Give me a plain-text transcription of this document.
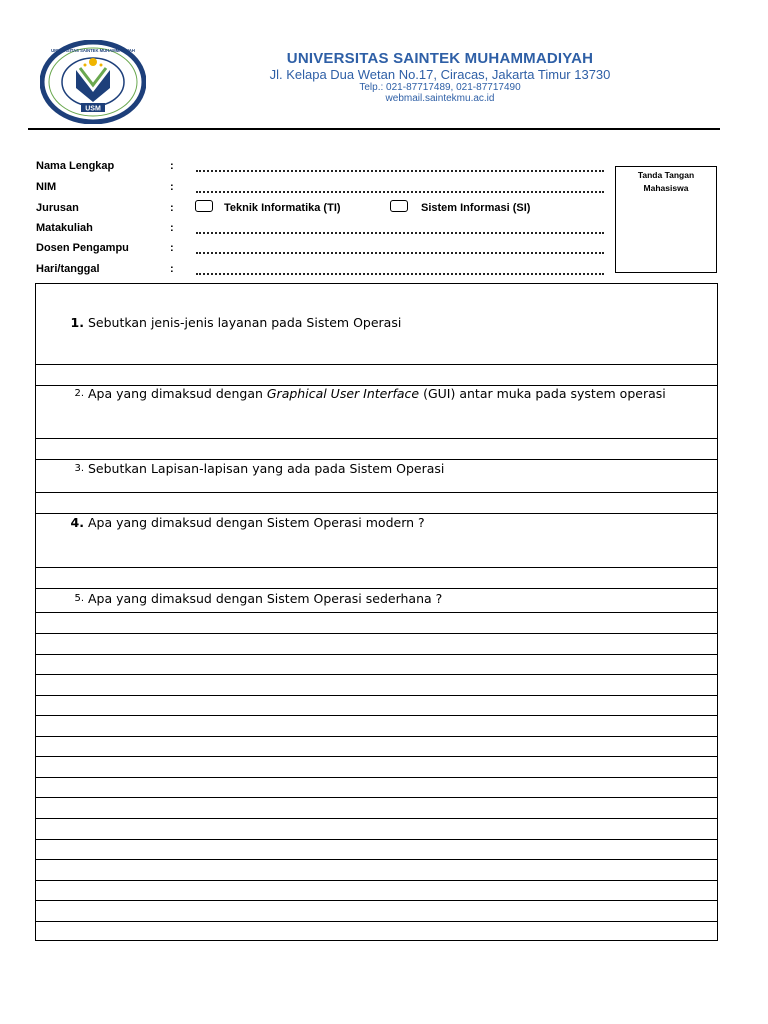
USM
UNIVERSITAS SAINTEK MUHAMMADIYAH	UNIVERSITAS SAINTEK MUHAMMADIYAH
Jl. Kelapa Dua Wetan No.17, Ciracas, Jakarta Timur 13730
Telp.: 021-87717489, 021-87717490
webmail.saintekmu.ac.id
Nama Lengkap	:
NIM	:
Jurusan	:	Teknik Informatika (TI)	Sistem Informasi (SI)
Matakuliah	:
Dosen Pengampu	:
Hari/tanggal	:
Tanda Tangan
Mahasiswa
1. Sebutkan jenis-jenis layanan pada Sistem Operasi
2. Apa yang dimaksud dengan Graphical User Interface (GUI) antar muka pada system operasi
3. Sebutkan Lapisan-lapisan yang ada pada Sistem Operasi
4. Apa yang dimaksud dengan Sistem Operasi modern ?
5. Apa yang dimaksud dengan Sistem Operasi sederhana ?
